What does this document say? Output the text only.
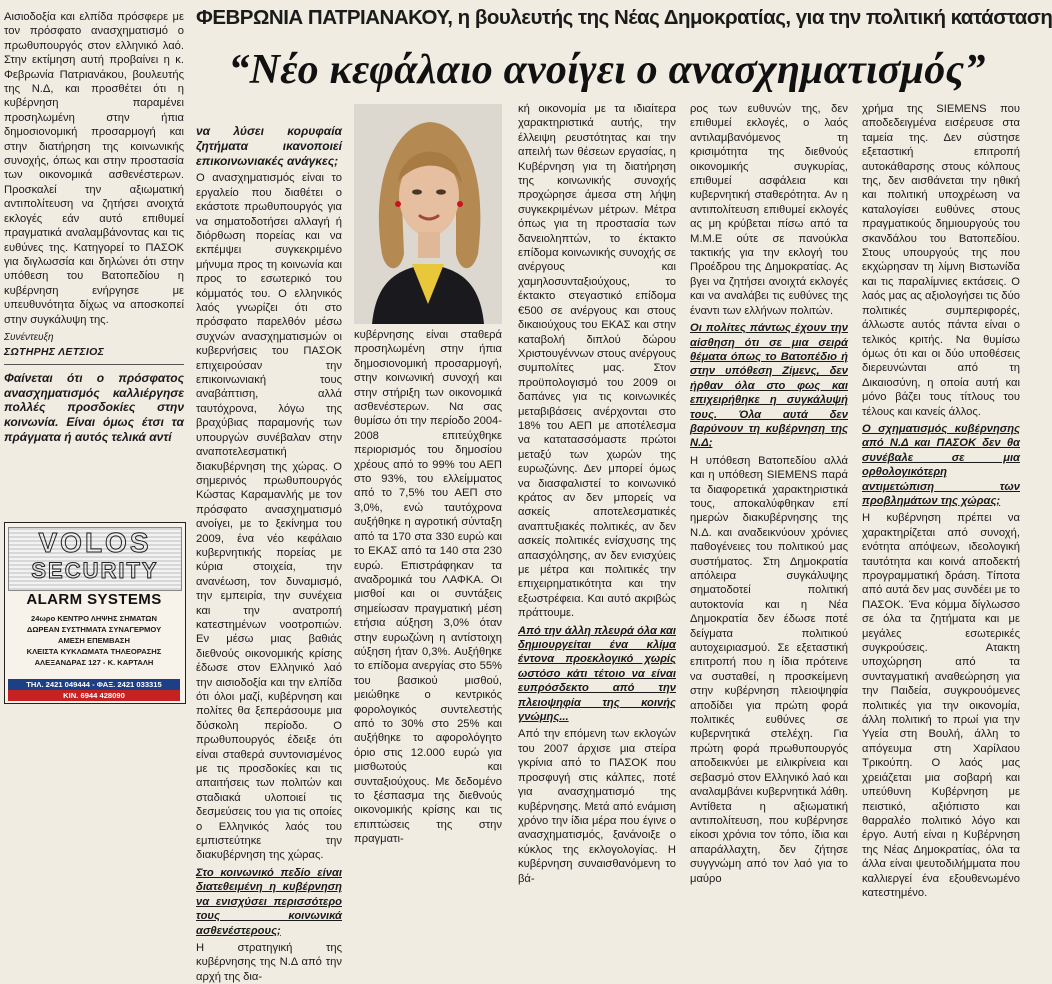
ΦΕΒΡΩΝΙΑ ΠΑΤΡΙΑΝΑΚΟΥ, η βουλευτής της Νέας Δημοκρατίας, για την πολιτική κατάσταση
“Νέο κεφάλαιο ανοίγει ο ανασχηματισμός”

Αισιοδοξία και ελπίδα πρόσφερε με τον πρόσφατο ανασχηματισμό ο πρωθυπουργός στον ελληνικό λαό. Στην εκτίμηση αυτή προβαίνει η κ. Φεβρωνία Πατριανάκου, βουλευτής της Ν.Δ, και προσθέτει ότι η κυβέρνηση παραμένει προσηλωμένη στην ήπια δημοσιονομική προσαρμογή και στην διατήρηση της κοινωνικής συνοχής, όπως και στην προστασία των οικονομικά ασθενέστερων. Προσκαλεί την αξιωματική αντιπολίτευση να ζητήσει ανοιχτά εκλογές εάν αυτό επιθυμεί πραγματικά αναλαμβάνοντας και τις ευθύνες της. Κατηγορεί το ΠΑΣΟΚ για διγλωσσία και δηλώνει ότι στην υπόθεση του Βατοπεδίου η κυβέρνηση ενήργησε με υπευθυνότητα δίχως να αποσκοπεί στην συγκάλυψη της.

Συνέντευξη
ΣΩΤΗΡΗΣ ΛΕΤΣΙΟΣ

Φαίνεται ότι ο πρόσφατος ανασχηματισμός καλλιέργησε πολλές προσδοκίες στην κοινωνία. Είναι όμως έτσι τα πράγματα ή αυτός τελικά αντί

VOLOS
SECURITY
ALARM SYSTEMS
24ωρο ΚΕΝΤΡΟ ΛΗΨΗΣ ΣΗΜΑΤΩΝ
ΔΩΡΕΑΝ ΣΥΣΤΗΜΑΤΑ ΣΥΝΑΓΕΡΜΟΥ
ΑΜΕΣΗ ΕΠΕΜΒΑΣΗ
ΚΛΕΙΣΤΑ ΚΥΚΛΩΜΑΤΑ ΤΗΛΕΟΡΑΣΗΣ
ΑΛΕΞΑΝΔΡΑΣ 127 - Κ. ΚΑΡΤΑΛΗ
ΤΗΛ. 2421 049444 - ΦΑΞ. 2421 033315
ΚΙΝ. 6944 428090

να λύσει κορυφαία ζητήματα ικανοποιεί επικοινωνιακές ανάγκες;

Ο ανασχηματισμός είναι το εργαλείο που διαθέτει ο εκάστοτε πρωθυπουργός για να σηματοδοτήσει αλλαγή ή διόρθωση πορείας και να εκπέμψει συγκεκριμένο μήνυμα προς τη κοινωνία και προς το εσωτερικό του κόμματός του. Ο ελληνικός λαός γνωρίζει ότι στο πρόσφατο παρελθόν μέσω συχνών ανασχηματισμών οι κυβερνήσεις του ΠΑΣΟΚ επιχειρούσαν την επικοινωνιακή τους αναβάπτιση, αλλά ταυτόχρονα, λόγω της βραχύβιας παραμονής των υπουργών συνέβαλαν στην αναποτελεσματική διακυβέρνηση της χώρας. Ο σημερινός πρωθυπουργός Κώστας Καραμανλής με τον πρόσφατο ανασχηματισμό ανοίγει, με το ξεκίνημα του 2009, ένα νέο κεφάλαιο κυβερνητικής πορείας με κύρια στοιχεία, την ανανέωση, τον δυναμισμό, την εμπειρία, την συνέχεια και την ανατροπή κατεστημένων νοοτροπιών. Εν μέσω μιας βαθιάς διεθνούς οικονομικής κρίσης έδωσε στον Ελληνικό λαό την αισιοδοξία και την ελπίδα ότι όλοι μαζί, κυβέρνηση και πολίτες θα ξεπεράσουμε μια δύσκολη περίοδο. Ο πρωθυπουργός έδειξε ότι είναι σταθερά συντονισμένος με τις προσδοκίες και τις απαιτήσεις των πολιτών και σταδιακά υλοποιεί τις δεσμεύσεις του για τις οποίες ο Ελληνικός λαός του εμπιστεύτηκε την διακυβέρνηση της χώρας.

Στο κοινωνικό πεδίο είναι διατεθειμένη η κυβέρνηση να ενισχύσει περισσότερο τους κοινωνικά ασθενέστερους;

Η στρατηγική της κυβέρνησης της Ν.Δ από την αρχή της δια-

κυβέρνησης είναι σταθερά προσηλωμένη στην ήπια δημοσιονομική προσαρμογή, στην κοινωνική συνοχή και στην στήριξη των οικονομικά ασθενέστερων. Να σας θυμίσω ότι την περίοδο 2004-2008 επιτεύχθηκε περιορισμός του δημοσίου χρέους από το 99% του ΑΕΠ στο 93%, του ελλείμματος από το 7,5% του ΑΕΠ στο 3,0%, ενώ ταυτόχρονα αυξήθηκε η αγροτική σύνταξη από τα 170 στα 330 ευρώ και το ΕΚΑΣ από τα 140 στα 230 ευρώ. Επιστράφηκαν τα αναδρομικά του ΛΑΦΚΑ. Οι μισθοί και οι συντάξεις σημείωσαν πραγματική μέση ετήσια αύξηση 3,0% όταν στην ευρωζώνη η αντίστοιχη αύξηση ήταν 0,3%. Αυξήθηκε το επίδομα ανεργίας στο 55% του βασικού μισθού, μειώθηκε ο κεντρικός φορολογικός συντελεστής από το 30% στο 25% και αυξήθηκε το αφορολόγητο όριο στις 12.000 ευρώ για μισθωτούς και συνταξιούχους. Με δεδομένο το ξέσπασμα της διεθνούς οικονομικής κρίσης και τις επιπτώσεις της στην πραγματι-

κή οικονομία με τα ιδιαίτερα χαρακτηριστικά αυτής, την έλλειψη ρευστότητας και την απειλή των θέσεων εργασίας, η Κυβέρνηση για τη διατήρηση της κοινωνικής συνοχής προχώρησε άμεσα στη λήψη συγκεκριμένων μέτρων. Μέτρα όπως για τη προστασία των δανειοληπτών, το έκτακτο επίδομα κοινωνικής συνοχής σε ανέργους και χαμηλοσυνταξιούχους, το έκτακτο στεγαστικό επίδομα €500 σε ανέργους και στους δικαιούχους του ΕΚΑΣ και στην καταβολή διπλού δώρου Χριστουγέννων στους ανέργους συμπολίτες μας. Στον προϋπολογισμό του 2009 οι δαπάνες για τις κοινωνικές μεταβιβάσεις ανέρχονται στο 18% του ΑΕΠ με αποτέλεσμα να κατατασσόμαστε πρώτοι μεταξύ των χωρών της ευρωζώνης. Δεν μπορεί όμως να διασφαλιστεί το κοινωνικό κράτος αν δεν μπορείς να ασκείς αποτελεσματικές αναπτυξιακές πολιτικές, αν δεν ασκείς πολιτικές ενίσχυσης της απασχόλησης, αν δεν ενισχύεις με μέτρα και πολιτικές την επιχειρηματικότητα και την εξωστρέφεια. Και αυτό ακριβώς πράττουμε.

Από την άλλη πλευρά όλα και δημιουργείται ένα κλίμα έντονα προεκλογικό χωρίς ωστόσο κάτι τέτοιο να είναι ευπρόσδεκτο από την πλειοψηφία της κοινής γνώμης...

Από την επόμενη των εκλογών του 2007 άρχισε μια στείρα γκρίνια από το ΠΑΣΟΚ που προσφυγή στις κάλπες, ποτέ για ανασχηματισμό της κυβέρνησης. Μετά από ενάμιση χρόνο την ίδια μέρα που έγινε ο ανασχηματισμός, ξανάνοιξε ο κύκλος της εκλογολογίας. Η κυβέρνηση συναισθανόμενη το βά-

ρος των ευθυνών της, δεν επιθυμεί εκλογές, ο λαός αντιλαμβανόμενος τη κρισιμότητα της διεθνούς οικονομικής συγκυρίας, επιθυμεί ασφάλεια και κυβερνητική σταθερότητα. Αν η αντιπολίτευση επιθυμεί εκλογές ας μη κρύβεται πίσω από τα Μ.Μ.Ε ούτε σε πανούκλα τακτικής για την εκλογή του Προέδρου της Δημοκρατίας. Ας βγει να ζητήσει ανοιχτά εκλογές και να αναλάβει τις ευθύνες της έναντι των ελλήνων πολιτών.

Οι πολίτες πάντως έχουν την αίσθηση ότι σε μια σειρά θέματα όπως το Βατοπέδιο ή στην υπόθεση Ζίμενς, δεν ήρθαν όλα στο φως και επιχειρήθηκε η συγκάλυψή τους. Όλα αυτά δεν βαρύνουν τη κυβέρνηση της Ν.Δ;

Η υπόθεση Βατοπεδίου αλλά και η υπόθεση SIEMENS παρά τα διαφορετικά χαρακτηριστικά τους, αποκαλύφθηκαν επί ημερών διακυβέρνησης της Ν.Δ. και αναδεικνύουν χρόνιες παθογένειες του πολιτικού μας συστήματος. Στη Δημοκρατία απόλειρα συγκάλυψης σηματοδοτεί πολιτική αυτοκτονία και η Νέα Δημοκρατία δεν έδωσε ποτέ δείγματα πολιτικού αυτοχειριασμού. Σε εξεταστική επιτροπή που η ίδια πρότεινε να συσταθεί, η προσκείμενη στην κυβέρνηση πλειοψηφία αποδίδει για πρώτη φορά πολιτικές ευθύνες σε κυβερνητικά στελέχη. Για πρώτη φορά πρωθυπουργός αποδεικνύει με ειλικρίνεια και σεβασμό στον Ελληνικό λαό και αναλαμβάνει κυβερνητικά λάθη. Αντίθετα η αξιωματική αντιπολίτευση, που κυβέρνησε είκοσι χρόνια τον τόπο, ίδια και απαράλλαχτη, δεν ζήτησε συγγνώμη από τον λαό για το μαύρο

χρήμα της SIEMENS που αποδεδειγμένα εισέρευσε στα ταμεία της. Δεν σύστησε εξεταστική επιτροπή αυτοκάθαρσης στους κόλπους της, δεν αισθάνεται την ηθική και πολιτική υποχρέωση να καταλογίσει ευθύνες στους πραγματικούς δημιουργούς του σκανδάλου του Βατοπεδίου. Στους υπουργούς της που εκχώρησαν τη λίμνη Βιστωνίδα και τις παραλίμνιες εκτάσεις. Ο λαός μας ας αξιολογήσει τις δύο πολιτικές συμπεριφορές, άλλωστε αυτός πάντα είναι ο τελικός κριτής. Να θυμίσω όμως ότι και οι δύο υποθέσεις διερευνώνται από τη Δικαιοσύνη, η οποία αυτή και μόνο βάζει τους τίτλους του τέλους και κανείς άλλος.

Ο σχηματισμός κυβέρνησης από Ν.Δ και ΠΑΣΟΚ δεν θα συνέβαλε σε μια ορθολογικότερη αντιμετώπιση των προβλημάτων της χώρας;

Η κυβέρνηση πρέπει να χαρακτηρίζεται από συνοχή, ενότητα απόψεων, ιδεολογική ταυτότητα και κοινά αποδεκτή προγραμματική δράση. Τίποτα από αυτά δεν μας συνδέει με το ΠΑΣΟΚ. Ένα κόμμα δίγλωσσο σε όλα τα ζητήματα και με μεγάλες εσωτερικές συγκρούσεις. Ατακτη υποχώρηση από τα συνταγματική αναθεώρηση για την Παιδεία, συγκρουόμενες πολιτικές για την οικονομία, άλλη πολιτική το πρωί για την Υγεία στη Βουλή, άλλη το απόγευμα στη Χαρίλαου Τρικούπη. Ο λαός μας χρειάζεται μια σοβαρή και υπεύθυνη Κυβέρνηση με πειστικό, αξιόπιστο και θαρραλέο πολιτικό λόγο και έργο. Αυτή είναι η Κυβέρνηση της Νέας Δημοκρατίας, όλα τα άλλα είναι ψευτοδιλήμματα που καλλιεργεί ένα εξουθενωμένο κατεστημένο.
